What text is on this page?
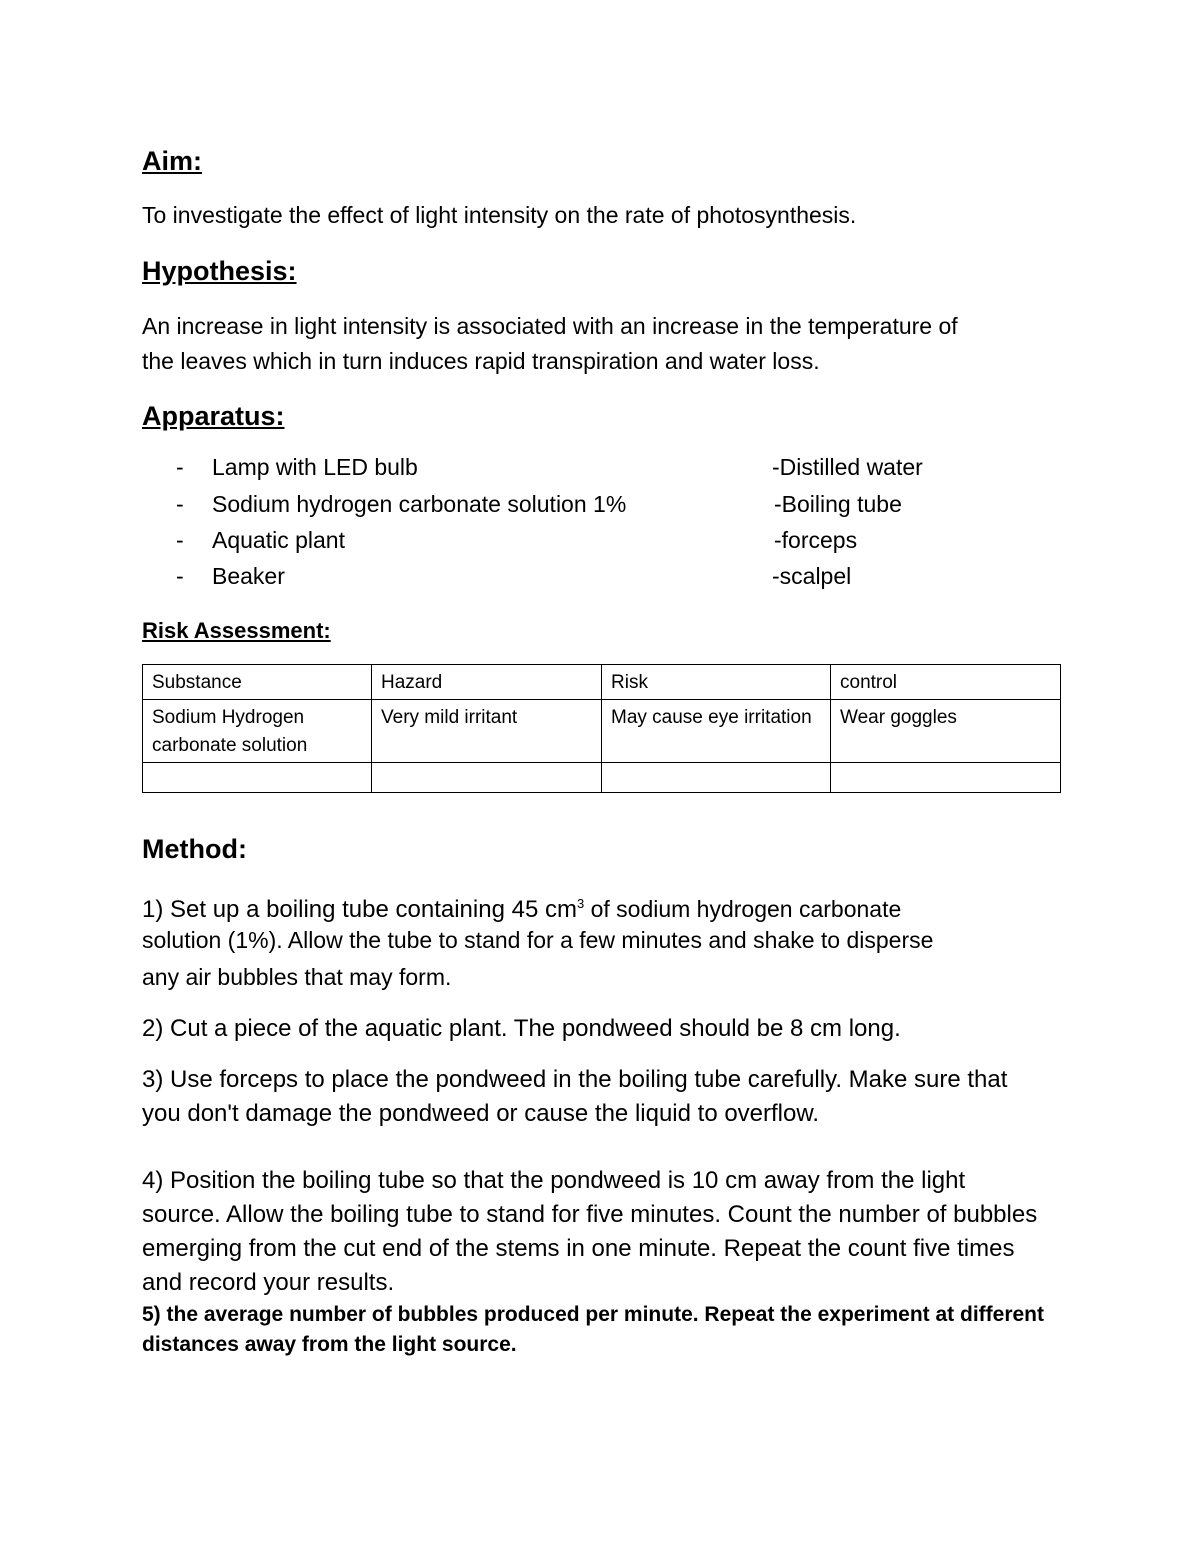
Aim:
To investigate the effect of light intensity on the rate of photosynthesis.
Hypothesis:
An increase in light intensity is associated with an increase in the temperature of
the leaves which in turn induces rapid transpiration and water loss.
Apparatus:
- Lamp with LED bulb
- Sodium hydrogen carbonate solution 1%
- Aquatic plant
- Beaker
-Distilled water
-Boiling tube
-forceps
-scalpel
Risk Assessment:
Substance	Hazard	Risk	control
Sodium Hydrogen carbonate solution	Very mild irritant	May cause eye irritation	Wear goggles

Method:
1) Set up a boiling tube containing 45 $cm^3$ of sodium hydrogen carbonate
solution (1%). Allow the tube to stand for a few minutes and shake to disperse
any air bubbles that may form.
2) Cut a piece of the aquatic plant. The pondweed should be 8 cm long.
3) Use forceps to place the pondweed in the boiling tube carefully. Make sure that you don't damage the pondweed or cause the liquid to overflow.
4) Position the boiling tube so that the pondweed is 10 cm away from the light source. Allow the boiling tube to stand for five minutes. Count the number of bubbles emerging from the cut end of the stems in one minute. Repeat the count five times and record your results.
5) the average number of bubbles produced per minute. Repeat the experiment at different distances away from the light source.
